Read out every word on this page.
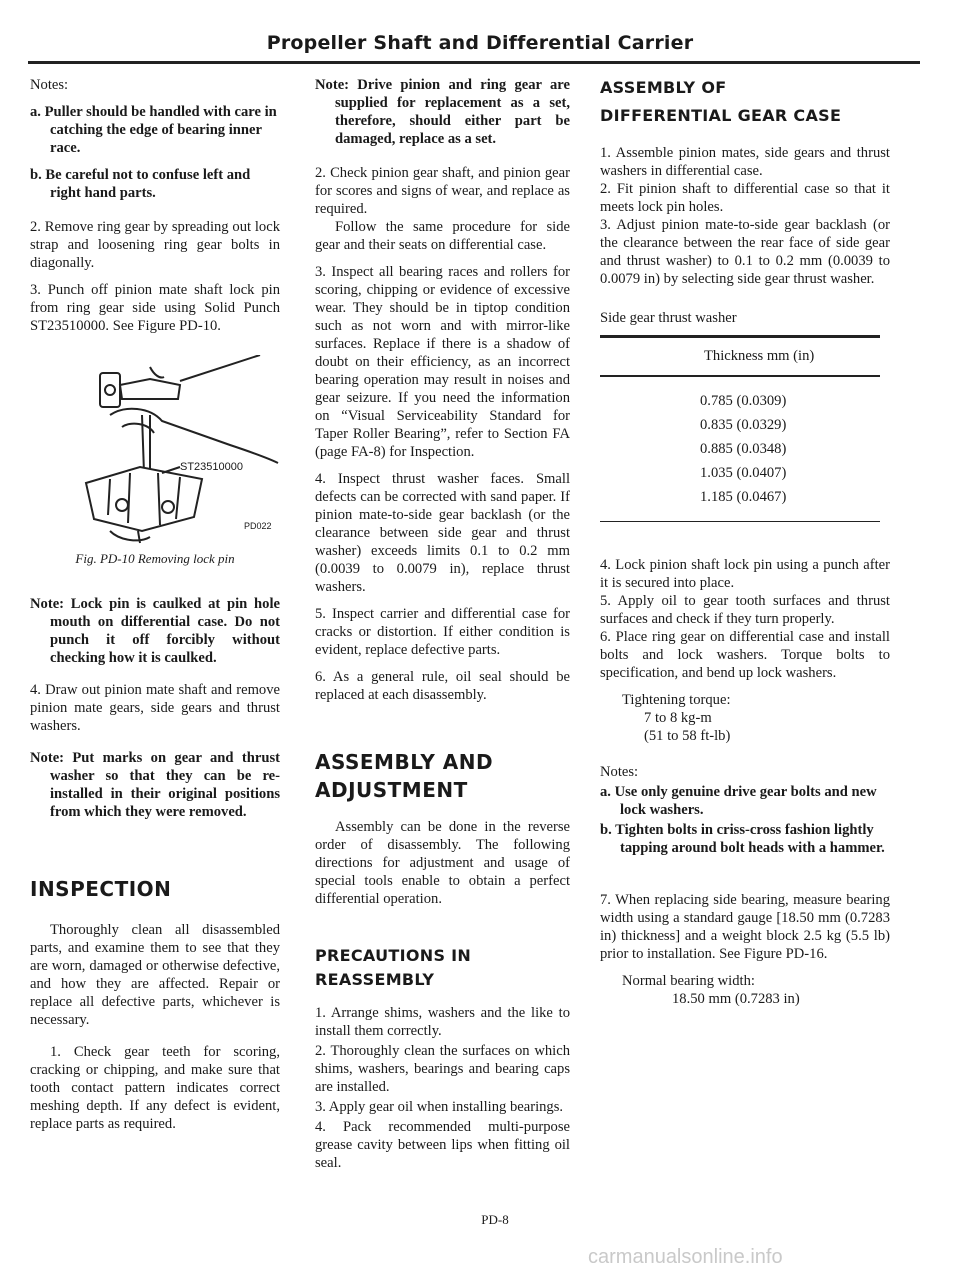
Propeller Shaft and Differential Carrier

Notes:

a. Puller should be handled with care in catching the edge of bearing inner race.

b. Be careful not to confuse left and right hand parts.

2. Remove ring gear by spreading out lock strap and loosening ring gear bolts in diagonally.

3. Punch off pinion mate shaft lock pin from ring gear side using Solid Punch ST23510000. See Figure PD-10.

ST23510000
PD022

Fig. PD-10 Removing lock pin

Note: Lock pin is caulked at pin hole mouth on differential case. Do not punch it off forcibly without checking how it is caulked.

4. Draw out pinion mate shaft and remove pinion mate gears, side gears and thrust washers.

Note: Put marks on gear and thrust washer so that they can be re-installed in their original positions from which they were removed.

INSPECTION

Thoroughly clean all disassembled parts, and examine them to see that they are worn, damaged or otherwise defective, and how they are affected. Repair or replace all defective parts, whichever is necessary.

1. Check gear teeth for scoring, cracking or chipping, and make sure that tooth contact pattern indicates correct meshing depth. If any defect is evident, replace parts as required.

Note: Drive pinion and ring gear are supplied for replacement as a set, therefore, should either part be damaged, replace as a set.

2. Check pinion gear shaft, and pinion gear for scores and signs of wear, and replace as required.

Follow the same procedure for side gear and their seats on differential case.

3. Inspect all bearing races and rollers for scoring, chipping or evidence of excessive wear. They should be in tiptop condition such as not worn and with mirror-like surfaces. Replace if there is a shadow of doubt on their efficiency, as an incorrect bearing operation may result in noises and gear seizure. If you need the information on “Visual Serviceability Standard for Taper Roller Bearing”, refer to Section FA (page FA-8) for Inspection.

4. Inspect thrust washer faces. Small defects can be corrected with sand paper. If pinion mate-to-side gear backlash (or the clearance between side gear and thrust washer) exceeds limits 0.1 to 0.2 mm (0.0039 to 0.0079 in), replace thrust washers.

5. Inspect carrier and differential case for cracks or distortion. If either condition is evident, replace defective parts.

6. As a general rule, oil seal should be replaced at each disassembly.

ASSEMBLY AND
ADJUSTMENT

Assembly can be done in the reverse order of disassembly. The following directions for adjustment and usage of special tools enable to obtain a perfect differential operation.

PRECAUTIONS IN
REASSEMBLY

1. Arrange shims, washers and the like to install them correctly.

2. Thoroughly clean the surfaces on which shims, washers, bearings and bearing caps are installed.

3. Apply gear oil when installing bearings.

4. Pack recommended multi-purpose grease cavity between lips when fitting oil seal.

ASSEMBLY OF
DIFFERENTIAL GEAR CASE

1. Assemble pinion mates, side gears and thrust washers in differential case.

2. Fit pinion shaft to differential case so that it meets lock pin holes.

3. Adjust pinion mate-to-side gear backlash (or the clearance between the rear face of side gear and thrust washer) to 0.1 to 0.2 mm (0.0039 to 0.0079 in) by selecting side gear thrust washer.

Side gear thrust washer
Thickness mm (in)
0.785 (0.0309)
0.835 (0.0329)
0.885 (0.0348)
1.035 (0.0407)
1.185 (0.0467)

4. Lock pinion shaft lock pin using a punch after it is secured into place.

5. Apply oil to gear tooth surfaces and thrust surfaces and check if they turn properly.

6. Place ring gear on differential case and install bolts and lock washers. Torque bolts to specification, and bend up lock washers.

Tightening torque:
7 to 8 kg-m
(51 to 58 ft-lb)

Notes:

a. Use only genuine drive gear bolts and new lock washers.

b. Tighten bolts in criss-cross fashion lightly tapping around bolt heads with a hammer.

7. When replacing side bearing, measure bearing width using a standard gauge [18.50 mm (0.7283 in) thickness] and a weight block 2.5 kg (5.5 lb) prior to installation. See Figure PD-16.

Normal bearing width:
18.50 mm (0.7283 in)
PD-8
carmanualsonline.info
